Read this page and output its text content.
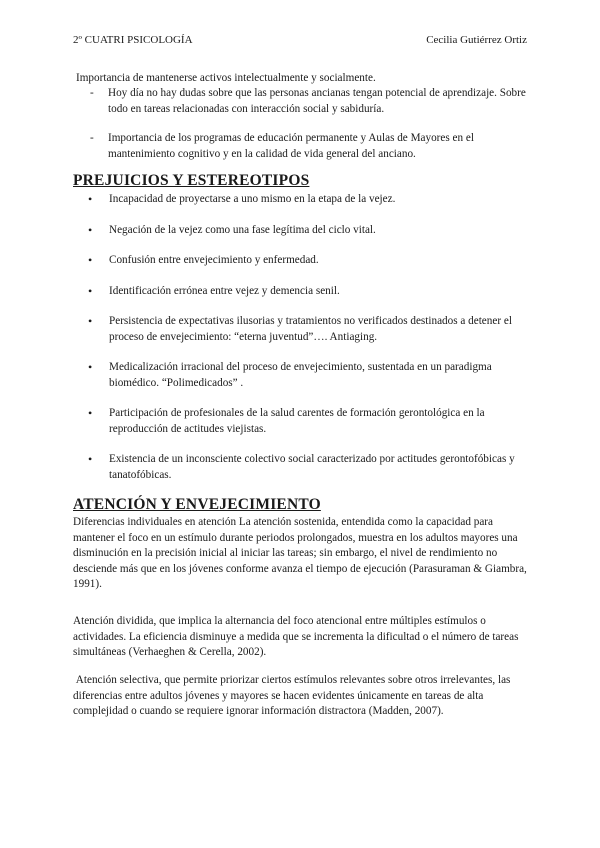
2º CUATRI PSICOLOGÍA	Cecilia Gutiérrez Ortiz
Importancia de mantenerse activos intelectualmente y socialmente.
- Hoy día no hay dudas sobre que las personas ancianas tengan potencial de aprendizaje. Sobre todo en tareas relacionadas con interacción social y sabiduría.
- Importancia de los programas de educación permanente y Aulas de Mayores en el mantenimiento cognitivo y en la calidad de vida general del anciano.
PREJUICIOS Y ESTEREOTIPOS
• Incapacidad de proyectarse a uno mismo en la etapa de la vejez.
• Negación de la vejez como una fase legítima del ciclo vital.
• Confusión entre envejecimiento y enfermedad.
• Identificación errónea entre vejez y demencia senil.
• Persistencia de expectativas ilusorias y tratamientos no verificados destinados a detener el proceso de envejecimiento: “eterna juventud”…. Antiaging.
• Medicalización irracional del proceso de envejecimiento, sustentada en un paradigma biomédico. “Polimedicados” .
• Participación de profesionales de la salud carentes de formación gerontológica en la reproducción de actitudes viejistas.
• Existencia de un inconsciente colectivo social caracterizado por actitudes gerontofóbicas y tanatofóbicas.
ATENCIÓN Y ENVEJECIMIENTO
Diferencias individuales en atención La atención sostenida, entendida como la capacidad para mantener el foco en un estímulo durante periodos prolongados, muestra en los adultos mayores una disminución en la precisión inicial al iniciar las tareas; sin embargo, el nivel de rendimiento no desciende más que en los jóvenes conforme avanza el tiempo de ejecución (Parasuraman & Giambra, 1991).
Atención dividida, que implica la alternancia del foco atencional entre múltiples estímulos o actividades. La eficiencia disminuye a medida que se incrementa la dificultad o el número de tareas simultáneas (Verhaeghen & Cerella, 2002).
Atención selectiva, que permite priorizar ciertos estímulos relevantes sobre otros irrelevantes, las diferencias entre adultos jóvenes y mayores se hacen evidentes únicamente en tareas de alta complejidad o cuando se requiere ignorar información distractora (Madden, 2007).
